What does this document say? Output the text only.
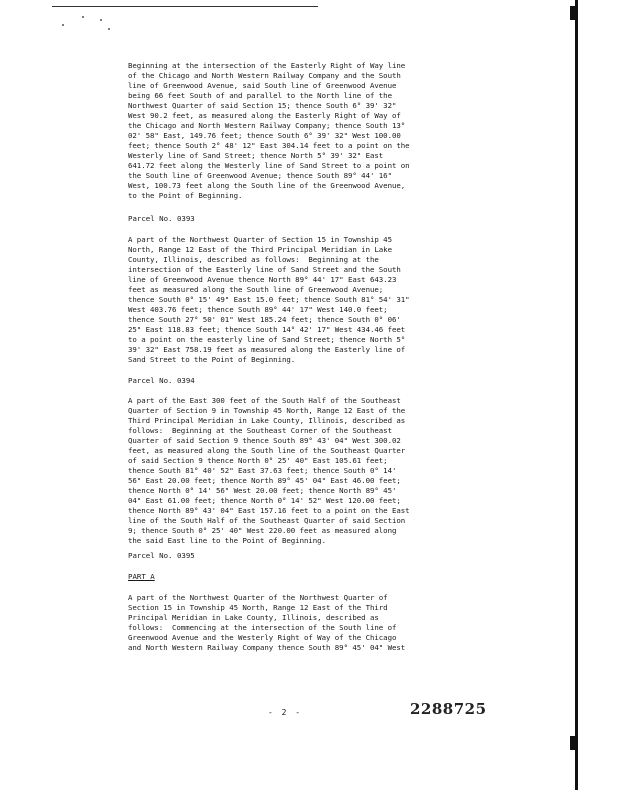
Beginning at the intersection of the Easterly Right of Way line
of the Chicago and North Western Railway Company and the South
line of Greenwood Avenue, said South line of Greenwood Avenue
being 66 feet South of and parallel to the North line of the
Northwest Quarter of said Section 15; thence South 6° 39' 32"
West 90.2 feet, as measured along the Easterly Right of Way of
the Chicago and North Western Railway Company; thence South 13°
02' 58" East, 149.76 feet; thence South 6° 39' 32" West 100.00
feet; thence South 2° 48' 12" East 304.14 feet to a point on the
Westerly line of Sand Street; thence North 5° 39' 32" East
641.72 feet along the Westerly line of Sand Street to a point on
the South line of Greenwood Avenue; thence South 89° 44' 16"
West, 100.73 feet along the South line of the Greenwood Avenue,
to the Point of Beginning.
Parcel No. 0393
A part of the Northwest Quarter of Section 15 in Township 45
North, Range 12 East of the Third Principal Meridian in Lake
County, Illinois, described as follows:  Beginning at the
intersection of the Easterly line of Sand Street and the South
line of Greenwood Avenue thence North 89° 44' 17" East 643.23
feet as measured along the South line of Greenwood Avenue;
thence South 0° 15' 49" East 15.0 feet; thence South 81° 54' 31"
West 403.76 feet; thence South 89° 44' 17" West 140.0 feet;
thence South 27° 50' 01" West 185.24 feet; thence South 0° 06'
25" East 118.83 feet; thence South 14° 42' 17" West 434.46 feet
to a point on the easterly line of Sand Street; thence North 5°
39' 32" East 758.19 feet as measured along the Easterly line of
Sand Street to the Point of Beginning.
Parcel No. 0394
A part of the East 300 feet of the South Half of the Southeast
Quarter of Section 9 in Township 45 North, Range 12 East of the
Third Principal Meridian in Lake County, Illinois, described as
follows:  Beginning at the Southeast Corner of the Southeast
Quarter of said Section 9 thence South 89° 43' 04" West 300.02
feet, as measured along the South line of the Southeast Quarter
of said Section 9 thence North 0° 25' 40" East 105.61 feet;
thence South 81° 40' 52" East 37.63 feet; thence South 0° 14'
56" East 20.00 feet; thence North 89° 45' 04" East 46.00 feet;
thence North 0° 14' 56" West 20.00 feet; thence North 89° 45'
04" East 61.00 feet; thence North 0° 14' 52" West 120.00 feet;
thence North 89° 43' 04" East 157.16 feet to a point on the East
line of the South Half of the Southeast Quarter of said Section
9; thence South 0° 25' 40" West 220.00 feet as measured along
the said East line to the Point of Beginning.
Parcel No. 0395
PART A
A part of the Northwest Quarter of the Northwest Quarter of
Section 15 in Township 45 North, Range 12 East of the Third
Principal Meridian in Lake County, Illinois, described as
follows:  Commencing at the intersection of the South line of
Greenwood Avenue and the Westerly Right of Way of the Chicago
and North Western Railway Company thence South 89° 45' 04" West
- 2 -	2288725
